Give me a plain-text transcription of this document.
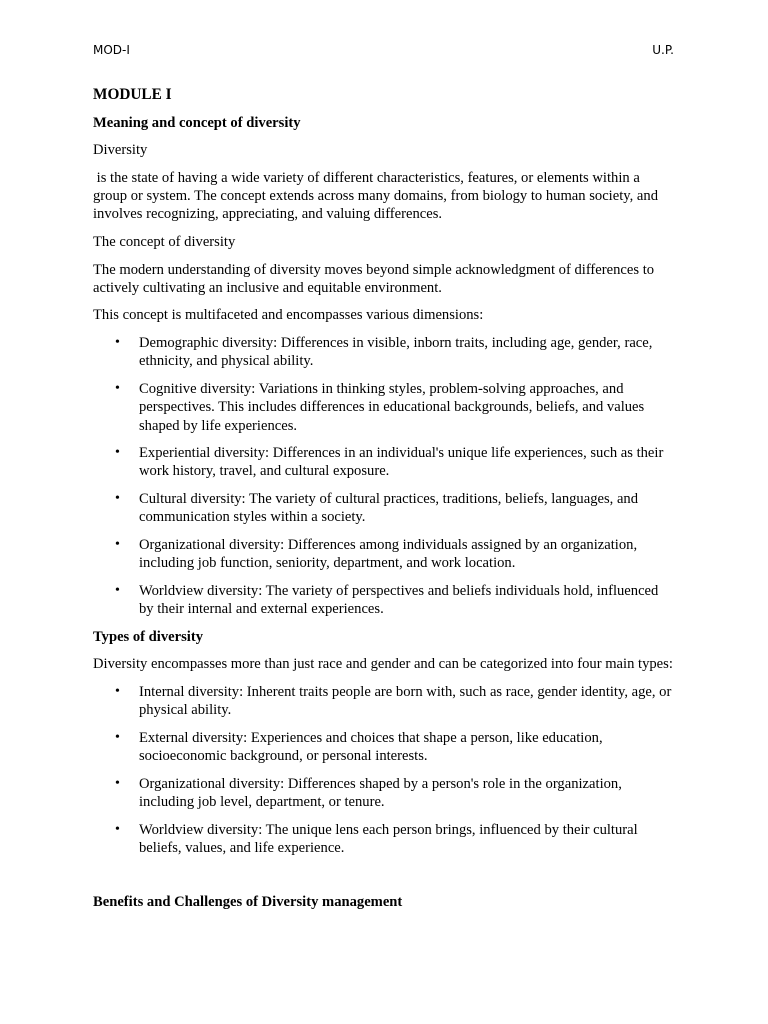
MOD-I	U.P.

MODULE I

Meaning and concept of diversity

Diversity

is the state of having a wide variety of different characteristics, features, or elements within a group or system. The concept extends across many domains, from biology to human society, and involves recognizing, appreciating, and valuing differences.

The concept of diversity

The modern understanding of diversity moves beyond simple acknowledgment of differences to actively cultivating an inclusive and equitable environment.

This concept is multifaceted and encompasses various dimensions:

• Demographic diversity: Differences in visible, inborn traits, including age, gender, race, ethnicity, and physical ability.
• Cognitive diversity: Variations in thinking styles, problem-solving approaches, and perspectives. This includes differences in educational backgrounds, beliefs, and values shaped by life experiences.
• Experiential diversity: Differences in an individual's unique life experiences, such as their work history, travel, and cultural exposure.
• Cultural diversity: The variety of cultural practices, traditions, beliefs, languages, and communication styles within a society.
• Organizational diversity: Differences among individuals assigned by an organization, including job function, seniority, department, and work location.
• Worldview diversity: The variety of perspectives and beliefs individuals hold, influenced by their internal and external experiences.

Types of diversity

Diversity encompasses more than just race and gender and can be categorized into four main types:

• Internal diversity: Inherent traits people are born with, such as race, gender identity, age, or physical ability.
• External diversity: Experiences and choices that shape a person, like education, socioeconomic background, or personal interests.
• Organizational diversity: Differences shaped by a person's role in the organization, including job level, department, or tenure.
• Worldview diversity: The unique lens each person brings, influenced by their cultural beliefs, values, and life experience.

Benefits and Challenges of Diversity management
